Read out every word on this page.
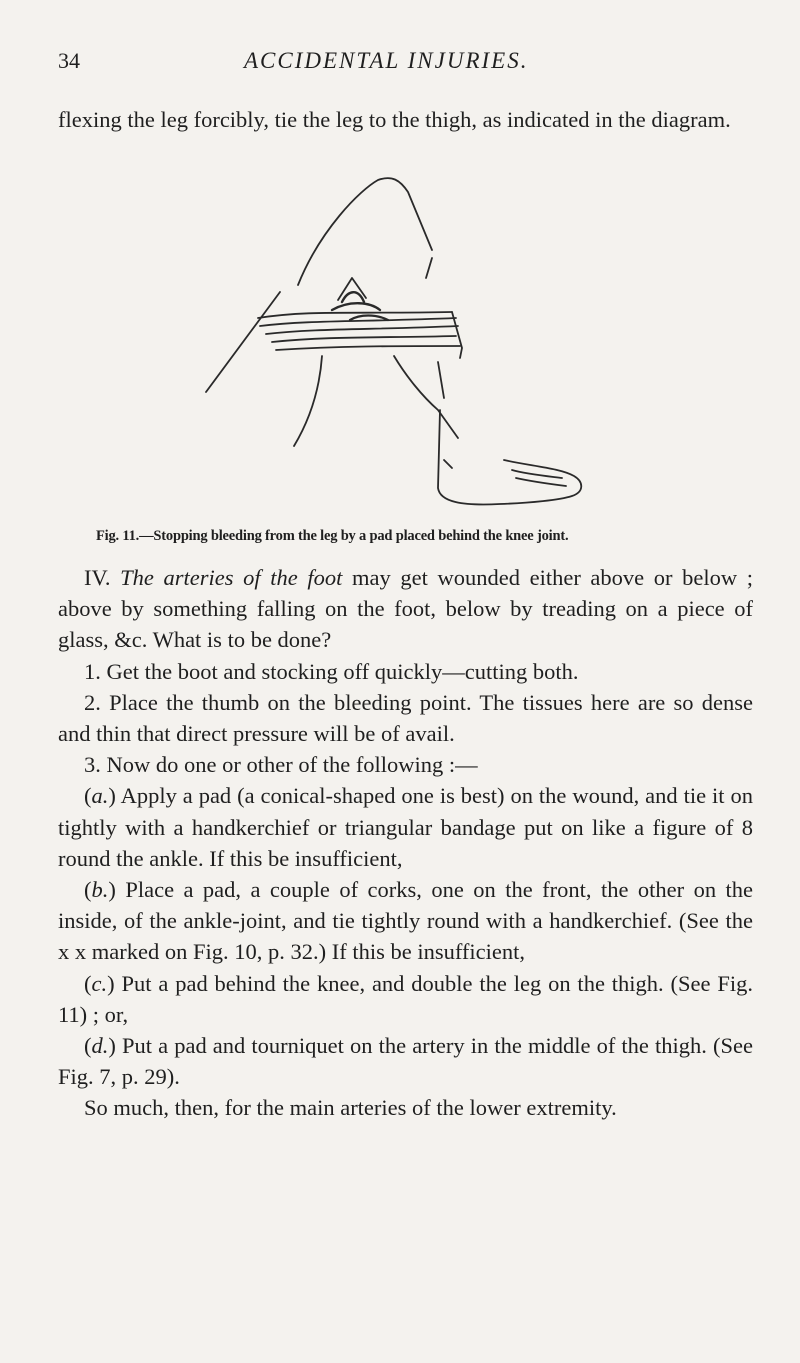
34	ACCIDENTAL INJURIES.
flexing the leg forcibly, tie the leg to the thigh, as indicated in the diagram.
Fig. 11.—Stopping bleeding from the leg by a pad placed behind the knee joint.

IV. The arteries of the foot may get wounded either above or below ; above by something falling on the foot, below by treading on a piece of glass, &c. What is to be done?

1. Get the boot and stocking off quickly—cutting both.

2. Place the thumb on the bleeding point. The tissues here are so dense and thin that direct pressure will be of avail.

3. Now do one or other of the following :—

(a.) Apply a pad (a conical-shaped one is best) on the wound, and tie it on tightly with a handkerchief or triangular bandage put on like a figure of 8 round the ankle. If this be insufficient,

(b.) Place a pad, a couple of corks, one on the front, the other on the inside, of the ankle-joint, and tie tightly round with a handkerchief. (See the x x marked on Fig. 10, p. 32.) If this be insufficient,

(c.) Put a pad behind the knee, and double the leg on the thigh. (See Fig. 11) ; or,

(d.) Put a pad and tourniquet on the artery in the middle of the thigh. (See Fig. 7, p. 29).

So much, then, for the main arteries of the lower extremity.
